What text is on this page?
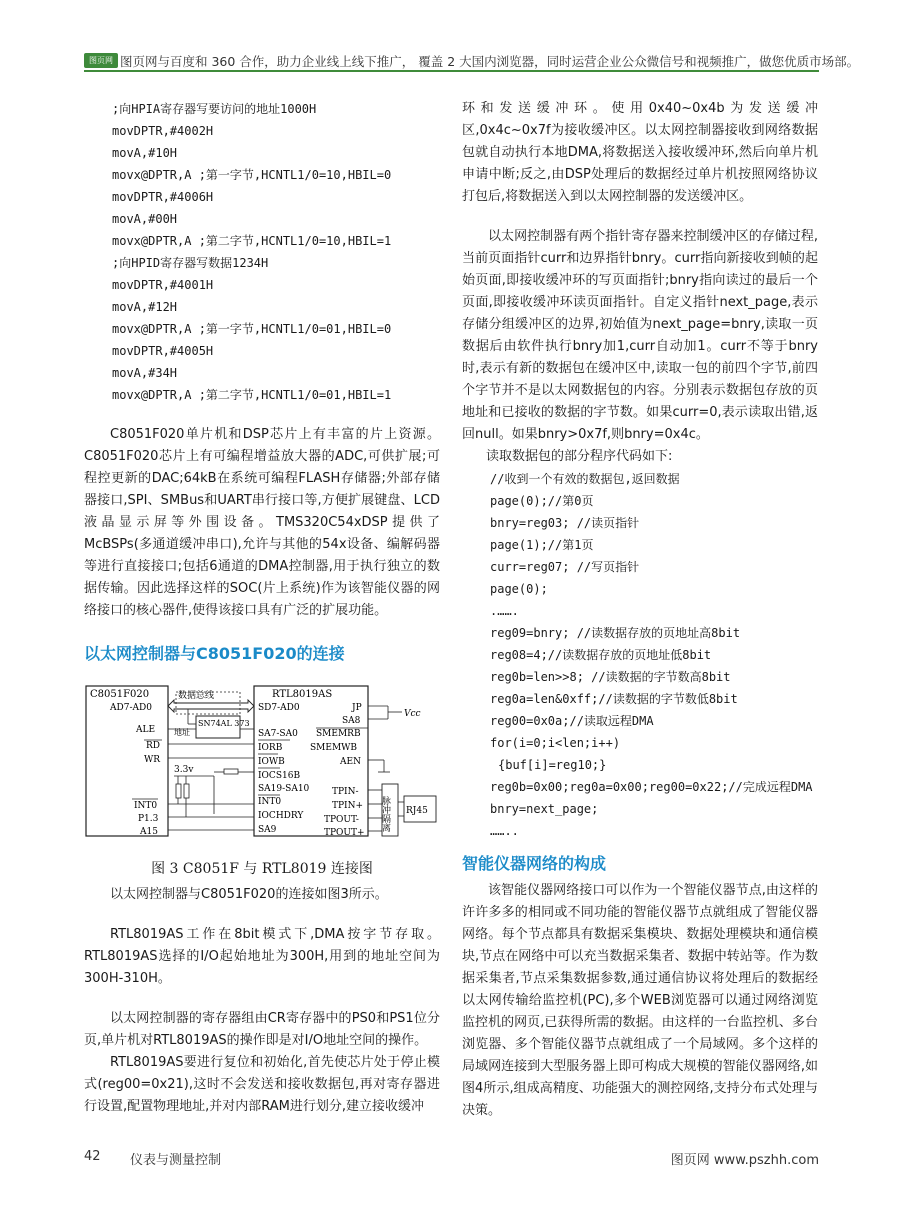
图页网 图页网与百度和 360 合作，助力企业线上线下推广， 覆盖 2 大国内浏览器，同时运营企业公众微信号和视频推广，做您优质市场部。
;向HPIA寄存器写要访问的地址1000H
movDPTR,#4002H
movA,#10H
movx@DPTR,A ;第一字节,HCNTL1/0=10,HBIL=0
movDPTR,#4006H
movA,#00H
movx@DPTR,A ;第二字节,HCNTL1/0=10,HBIL=1
;向HPID寄存器写数据1234H
movDPTR,#4001H
movA,#12H
movx@DPTR,A ;第一字节,HCNTL1/0=01,HBIL=0
movDPTR,#4005H
movA,#34H
movx@DPTR,A ;第二字节,HCNTL1/0=01,HBIL=1
C8051F020单片机和DSP芯片上有丰富的片上资源。C8051F020芯片上有可编程增益放大器的ADC,可供扩展;可程控更新的DAC;64kB在系统可编程FLASH存储器;外部存储器接口,SPI、SMBus和UART串行接口等,方便扩展键盘、LCD液晶显示屏等外围设备。TMS320C54xDSP提供了McBSPs(多通道缓冲串口),允许与其他的54x设备、编解码器等进行直接接口;包括6通道的DMA控制器,用于执行独立的数据传输。因此选择这样的SOC(片上系统)作为该智能仪器的网络接口的核心器件,使得该接口具有广泛的扩展功能。
以太网控制器与C8051F020的连接
C8051F020
AD7-AD0
ALE
RD
WR
INT0
P1.3
A15
RTL8019AS
SD7-AD0
SA7-SA0
IORB
IOWB
IOCS16B
SA19-SA10
INT0
IOCHDRY
SA9
JP
SA8
SMEMRB
SMEMWB
AEN
TPIN-
TPIN+
TPOUT-
TPOUT+
数据总线
SN74AL 373
地址
3.3v
Vcc
脉冲隔离 RJ45
图 3 C8051F 与 RTL8019 连接图
以太网控制器与C8051F020的连接如图3所示。
RTL8019AS工作在8bit模式下,DMA按字节存取。RTL8019AS选择的I/O起始地址为300H,用到的地址空间为300H-310H。
以太网控制器的寄存器组由CR寄存器中的PS0和PS1位分页,单片机对RTL8019AS的操作即是对I/O地址空间的操作。
RTL8019AS要进行复位和初始化,首先使芯片处于停止模式(reg00=0x21),这时不会发送和接收数据包,再对寄存器进行设置,配置物理地址,并对内部RAM进行划分,建立接收缓冲
环和发送缓冲环。使用0x40~0x4b为发送缓冲区,0x4c~0x7f为接收缓冲区。以太网控制器接收到网络数据包就自动执行本地DMA,将数据送入接收缓冲环,然后向单片机申请中断;反之,由DSP处理后的数据经过单片机按照网络协议打包后,将数据送入到以太网控制器的发送缓冲区。
以太网控制器有两个指针寄存器来控制缓冲区的存储过程,当前页面指针curr和边界指针bnry。curr指向新接收到帧的起始页面,即接收缓冲环的写页面指针;bnry指向读过的最后一个页面,即接收缓冲环读页面指针。自定义指针next_page,表示存储分组缓冲区的边界,初始值为next_page=bnry,读取一页数据后由软件执行bnry加1,curr自动加1。curr不等于bnry时,表示有新的数据包在缓冲区中,读取一包的前四个字节,前四个字节并不是以太网数据包的内容。分别表示数据包存放的页地址和已接收的数据的字节数。如果curr=0,表示读取出错,返回null。如果bnry>0x7f,则bnry=0x4c。
读取数据包的部分程序代码如下:
//收到一个有效的数据包,返回数据
page(0);//第0页
bnry=reg03; //读页指针
page(1);//第1页
curr=reg07; //写页指针
page(0);
.…….
reg09=bnry; //读数据存放的页地址高8bit
reg08=4;//读数据存放的页地址低8bit
reg0b=len>>8; //读数据的字节数高8bit
reg0a=len&0xff;//读数据的字节数低8bit
reg00=0x0a;//读取远程DMA
for(i=0;i<len;i++)
{buf[i]=reg10;}
reg0b=0x00;reg0a=0x00;reg00=0x22;//完成远程DMA
bnry=next_page;
……..
智能仪器网络的构成
该智能仪器网络接口可以作为一个智能仪器节点,由这样的许许多多的相同或不同功能的智能仪器节点就组成了智能仪器网络。每个节点都具有数据采集模块、数据处理模块和通信模块,节点在网络中可以充当数据采集者、数据中转站等。作为数据采集者,节点采集数据参数,通过通信协议将处理后的数据经以太网传输给监控机(PC),多个WEB浏览器可以通过网络浏览监控机的网页,已获得所需的数据。由这样的一台监控机、多台浏览器、多个智能仪器节点就组成了一个局域网。多个这样的局域网连接到大型服务器上即可构成大规模的智能仪器网络,如图4所示,组成高精度、功能强大的测控网络,支持分布式处理与决策。
42 仪表与测量控制	图页网 www.pszhh.com
